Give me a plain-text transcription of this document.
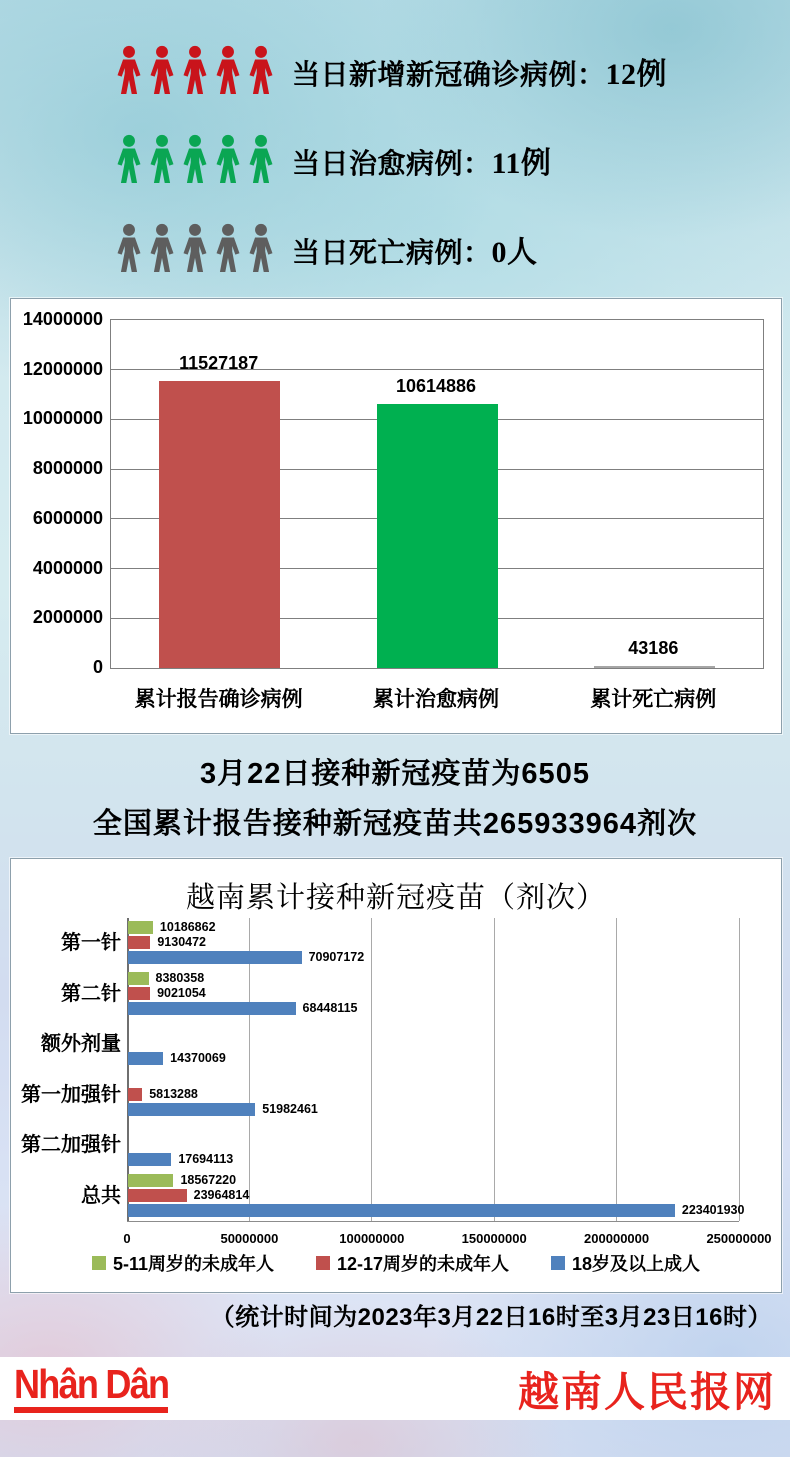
当日新增新冠确诊病例：12例
当日治愈病例：11例
当日死亡病例：0人
0
2000000
4000000
6000000
8000000
10000000
12000000
14000000
11527187
累计报告确诊病例
10614886
累计治愈病例
43186
累计死亡病例
3月22日接种新冠疫苗为6505
全国累计报告接种新冠疫苗共265933964剂次
越南累计接种新冠疫苗（剂次）
10186862
9130472
70907172
8380358
9021054
68448115
14370069
5813288
51982461
17694113
18567220
23964814
223401930
5-11周岁的未成年人	12-17周岁的未成年人	18岁及以上成人
0	50000000	100000000	150000000	200000000	250000000
第一针
第二针
额外剂量
第一加强针
第二加强针
总共
（统计时间为2023年3月22日16时至3月23日16时）
Nhân Dân	越南人民报网
